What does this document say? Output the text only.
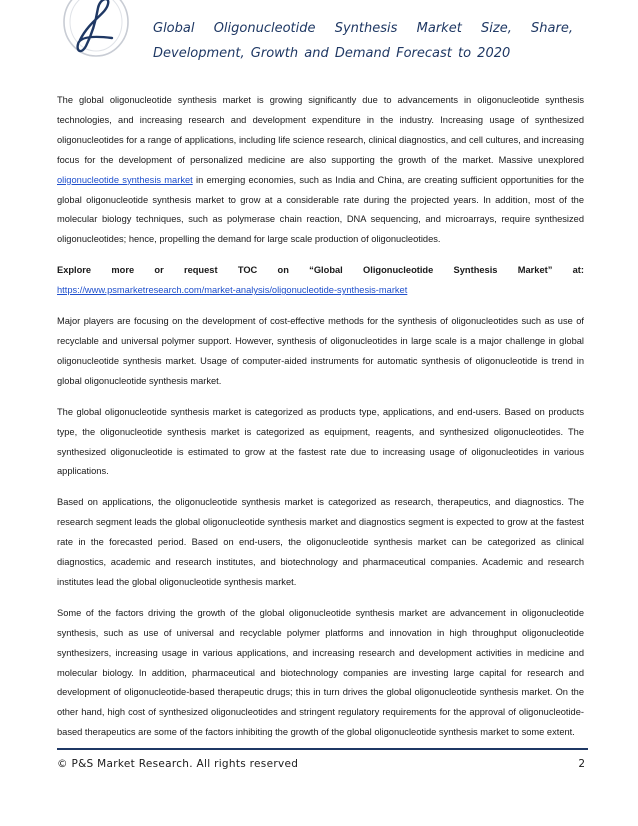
Global Oligonucleotide Synthesis Market Size, Share, Development, Growth and Demand Forecast to 2020

The global oligonucleotide synthesis market is growing significantly due to advancements in oligonucleotide synthesis technologies, and increasing research and development expenditure in the industry. Increasing usage of synthesized oligonucleotides for a range of applications, including life science research, clinical diagnostics, and cell cultures, and increasing focus for the development of personalized medicine are also supporting the growth of the market. Massive unexplored oligonucleotide synthesis market in emerging economies, such as India and China, are creating sufficient opportunities for the global oligonucleotide synthesis market to grow at a considerable rate during the projected years. In addition, most of the molecular biology techniques, such as polymerase chain reaction, DNA sequencing, and microarrays, require synthesized oligonucleotides; hence, propelling the demand for large scale production of oligonucleotides.

Explore more or request TOC on “Global Oligonucleotide Synthesis Market” at:
https://www.psmarketresearch.com/market-analysis/oligonucleotide-synthesis-market

Major players are focusing on the development of cost-effective methods for the synthesis of oligonucleotides such as use of recyclable and universal polymer support. However, synthesis of oligonucleotides in large scale is a major challenge in global oligonucleotide synthesis market. Usage of computer-aided instruments for automatic synthesis of oligonucleotide is trend in global oligonucleotide synthesis market.

The global oligonucleotide synthesis market is categorized as products type, applications, and end-users. Based on products type, the oligonucleotide synthesis market is categorized as equipment, reagents, and synthesized oligonucleotides. The synthesized oligonucleotide is estimated to grow at the fastest rate due to increasing usage of oligonucleotides in various applications.

Based on applications, the oligonucleotide synthesis market is categorized as research, therapeutics, and diagnostics. The research segment leads the global oligonucleotide synthesis market and diagnostics segment is expected to grow at the fastest rate in the forecasted period. Based on end-users, the oligonucleotide synthesis market can be categorized as clinical diagnostics, academic and research institutes, and biotechnology and pharmaceutical companies. Academic and research institutes lead the global oligonucleotide synthesis market.

Some of the factors driving the growth of the global oligonucleotide synthesis market are advancement in oligonucleotide synthesis, such as use of universal and recyclable polymer platforms and innovation in high throughput oligonucleotide synthesizers, increasing usage in various applications, and increasing research and development activities in medicine and molecular biology. In addition, pharmaceutical and biotechnology companies are investing large capital for research and development of oligonucleotide-based therapeutic drugs; this in turn drives the global oligonucleotide synthesis market. On the other hand, high cost of synthesized oligonucleotides and stringent regulatory requirements for the approval of oligonucleotide-based therapeutics are some of the factors inhibiting the growth of the global oligonucleotide synthesis market to some extent.

© P&S Market Research. All rights reserved	2
